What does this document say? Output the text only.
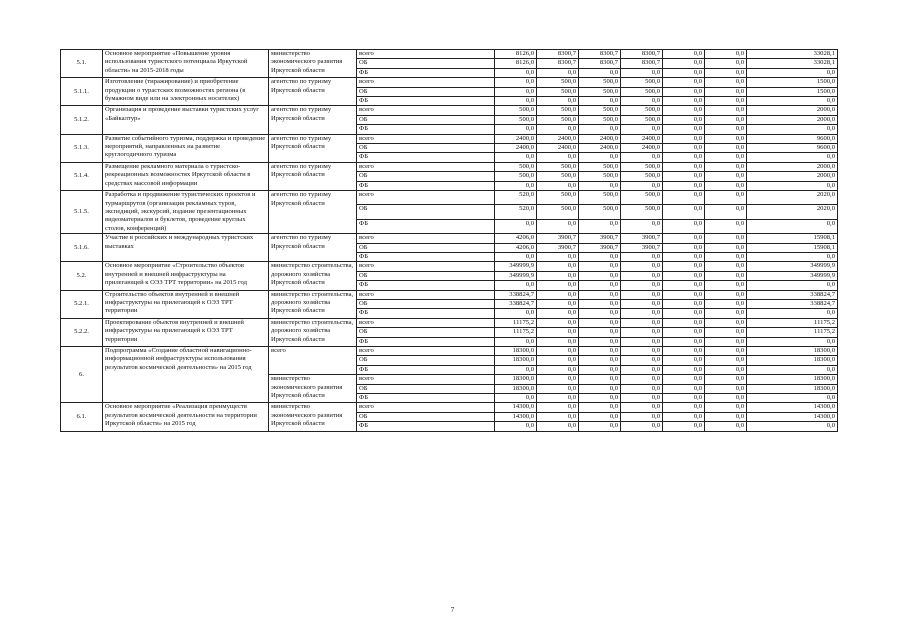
5.1.	Основное мероприятие «Повышение уровня использования туристского потенциала Иркутской области» на 2015-2018 годы	министерство экономического развития Иркутской области	всего	8126,0	8300,7	8300,7	8300,7	0,0	0,0	33028,1
			ОБ	8126,0	8300,7	8300,7	8300,7	0,0	0,0	33028,1
			ФБ	0,0	0,0	0,0	0,0	0,0	0,0	0,0
5.1.1.	Изготовление (тиражирование) и приобретение продукции о турастских возможностях региона (в бумажном виде или на электронных носителях)	агентство по туризму Иркутской области	всего	0,0	500,0	500,0	500,0	0,0	0,0	1500,0
			ОБ	0,0	500,0	500,0	500,0	0,0	0,0	1500,0
			ФБ	0,0	0,0	0,0	0,0	0,0	0,0	0,0
5.1.2.	Организация и проведение выставки туристских услуг «Байкалтур»	агентство по туризму Иркутской области	всего	500,0	500,0	500,0	500,0	0,0	0,0	2000,0
			ОБ	500,0	500,0	500,0	500,0	0,0	0,0	2000,0
			ФБ	0,0	0,0	0,0	0,0	0,0	0,0	0,0
5.1.3.	Развитие событийного туризма, поддержка и проведение мероприятий, направленных на развитие круглогодичного туризма	агентство по туризму Иркутской области	всего	2400,0	2400,0	2400,0	2400,0	0,0	0,0	9600,0
			ОБ	2400,0	2400,0	2400,0	2400,0	0,0	0,0	9600,0
			ФБ	0,0	0,0	0,0	0,0	0,0	0,0	0,0
5.1.4.	Размещение рекламного материала о туристско-рекреационных возможностях Иркутской области в средствах массовой информации	агентство по туризму Иркутской области	всего	500,0	500,0	500,0	500,0	0,0	0,0	2000,0
			ОБ	500,0	500,0	500,0	500,0	0,0	0,0	2000,0
			ФБ	0,0	0,0	0,0	0,0	0,0	0,0	0,0
5.1.5.	Разработка и продвижение туристических проектов и турмаршрутов (организация рекламных туров, экспедиций, экскурсий, издание презентационных видеоматериалов и буклетов, проведение круглых столов, конференций)	агентство по туризму Иркутской области	всего	520,0	500,0	500,0	500,0	0,0	0,0	2020,0
			ОБ	520,0	500,0	500,0	500,0	0,0	0,0	2020,0
			ФБ	0,0	0,0	0,0	0,0	0,0	0,0	0,0
5.1.6.	Участие в российских и международных туристских выставках	агентство по туризму Иркутской области	всего	4206,0	3900,7	3900,7	3900,7	0,0	0,0	15908,1
			ОБ	4206,0	3900,7	3900,7	3900,7	0,0	0,0	15908,1
			ФБ	0,0	0,0	0,0	0,0	0,0	0,0	0,0
5.2.	Основное мероприятие «Строительство объектов внутренней и внешней инфраструктуры на прилегающей к ОЭЗ ТРТ территории» на 2015 год	министерство строительства, дорожного хозяйства Иркутской области	всего	349999,9	0,0	0,0	0,0	0,0	0,0	349999,9
			ОБ	349999,9	0,0	0,0	0,0	0,0	0,0	349999,9
			ФБ	0,0	0,0	0,0	0,0	0,0	0,0	0,0
5.2.1.	Строительство объектов внутренней и внешней инфраструктуры на прилегающей к ОЭЗ ТРТ территории	министерство строительства, дорожного хозяйства Иркутской области	всего	338824,7	0,0	0,0	0,0	0,0	0,0	338824,7
			ОБ	338824,7	0,0	0,0	0,0	0,0	0,0	338824,7
			ФБ	0,0	0,0	0,0	0,0	0,0	0,0	0,0
5.2.2.	Проектирование объектов внутренней и внешней инфраструктуры на прилегающей к ОЭЗ ТРТ территории	министерство строительства, дорожного хозяйства Иркутской области	всего	11175,2	0,0	0,0	0,0	0,0	0,0	11175,2
			ОБ	11175,2	0,0	0,0	0,0	0,0	0,0	11175,2
			ФБ	0,0	0,0	0,0	0,0	0,0	0,0	0,0
6.	Подпрограмма «Создание областной навигационно-информационной инфраструктуры использования результатов космической деятельности» на 2015 год	всего	всего	18300,0	0,0	0,0	0,0	0,0	0,0	18300,0
			ОБ	18300,0	0,0	0,0	0,0	0,0	0,0	18300,0
			ФБ	0,0	0,0	0,0	0,0	0,0	0,0	0,0
		министерство экономического развития Иркутской области	всего	18300,0	0,0	0,0	0,0	0,0	0,0	18300,0
			ОБ	18300,0	0,0	0,0	0,0	0,0	0,0	18300,0
			ФБ	0,0	0,0	0,0	0,0	0,0	0,0	0,0
6.1.	Основное мероприятие «Реализация преимуществ результатов космической деятельности на территории Иркутской области» на 2015 год	министерство экономического развития Иркутской области	всего	14300,0	0,0	0,0	0,0	0,0	0,0	14300,0
			ОБ	14300,0	0,0	0,0	0,0	0,0	0,0	14300,0
			ФБ	0,0	0,0	0,0	0,0	0,0	0,0	0,0
7
